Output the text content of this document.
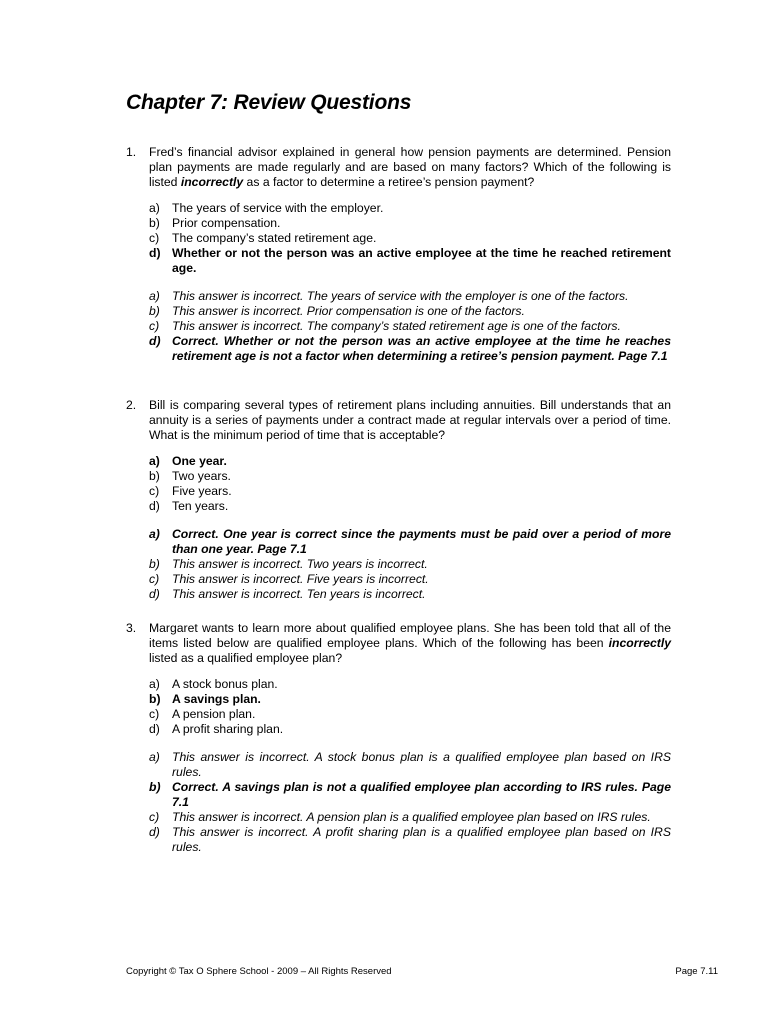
Chapter 7: Review Questions
1. Fred’s financial advisor explained in general how pension payments are determined. Pension plan payments are made regularly and are based on many factors? Which of the following is listed incorrectly as a factor to determine a retiree’s pension payment?
a) The years of service with the employer.
b) Prior compensation.
c) The company’s stated retirement age.
d) Whether or not the person was an active employee at the time he reached retirement age.
a) This answer is incorrect. The years of service with the employer is one of the factors.
b) This answer is incorrect. Prior compensation is one of the factors.
c) This answer is incorrect. The company’s stated retirement age is one of the factors.
d) Correct. Whether or not the person was an active employee at the time he reaches retirement age is not a factor when determining a retiree’s pension payment. Page 7.1
2. Bill is comparing several types of retirement plans including annuities. Bill understands that an annuity is a series of payments under a contract made at regular intervals over a period of time. What is the minimum period of time that is acceptable?
a) One year.
b) Two years.
c) Five years.
d) Ten years.
a) Correct. One year is correct since the payments must be paid over a period of more than one year. Page 7.1
b) This answer is incorrect. Two years is incorrect.
c) This answer is incorrect. Five years is incorrect.
d) This answer is incorrect. Ten years is incorrect.
3. Margaret wants to learn more about qualified employee plans. She has been told that all of the items listed below are qualified employee plans. Which of the following has been incorrectly listed as a qualified employee plan?
a) A stock bonus plan.
b) A savings plan.
c) A pension plan.
d) A profit sharing plan.
a) This answer is incorrect. A stock bonus plan is a qualified employee plan based on IRS rules.
b) Correct. A savings plan is not a qualified employee plan according to IRS rules. Page 7.1
c) This answer is incorrect. A pension plan is a qualified employee plan based on IRS rules.
d) This answer is incorrect. A profit sharing plan is a qualified employee plan based on IRS rules.
Copyright © Tax O Sphere School - 2009 – All Rights Reserved	Page 7.11
